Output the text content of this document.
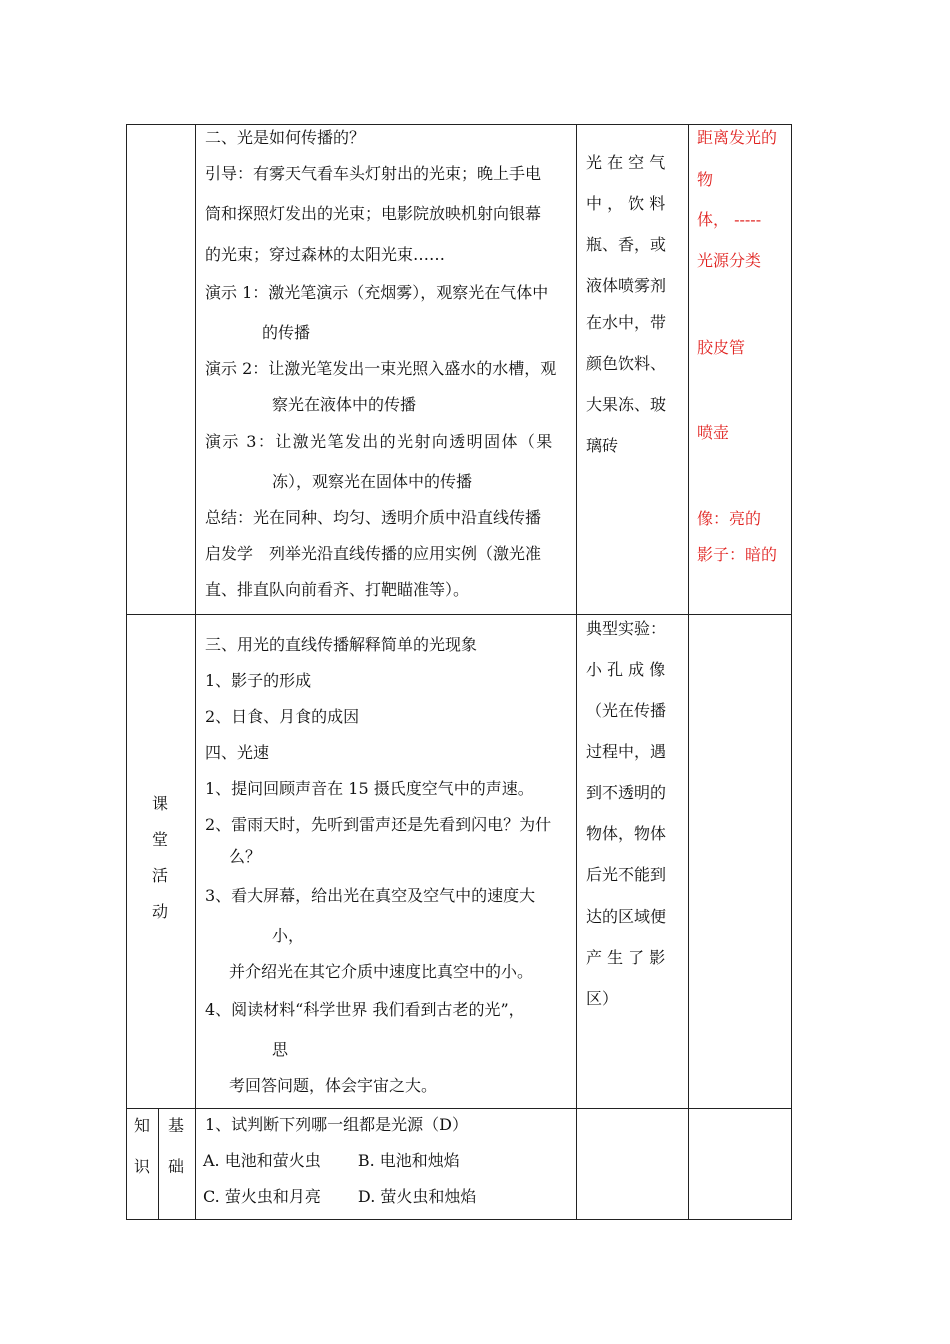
二、光是如何传播的？
引导：有雾天气看车头灯射出的光束；晚上手电
筒和探照灯发出的光束；电影院放映机射向银幕
的光束；穿过森林的太阳光束……
演示 1：激光笔演示（充烟雾），观察光在气体中
的传播
演示 2：让激光笔发出一束光照入盛水的水槽，观
察光在液体中的传播
演示 3：让激光笔发出的光射向透明固体（果
冻），观察光在固体中的传播
总结：光在同种、均匀、透明介质中沿直线传播
启发学　列举光沿直线传播的应用实例（激光准
直、排直队向前看齐、打靶瞄准等）。
光 在 空 气
中 ， 饮 料
瓶、香，或
液体喷雾剂
在水中，带
颜色饮料、
大果冻、玻
璃砖
距离发光的
物
体， -----
光源分类
胶皮管
喷壶
像：亮的
影子：暗的
课
堂
活
动
三、用光的直线传播解释简单的光现象
1、影子的形成
2、日食、月食的成因
四、光速
1、提问回顾声音在 15 摄氏度空气中的声速。
2、雷雨天时，先听到雷声还是先看到闪电？为什
么？
3、看大屏幕，给出光在真空及空气中的速度大
小，
并介绍光在其它介质中速度比真空中的小。
4、阅读材料“科学世界 我们看到古老的光”，
思
考回答问题，体会宇宙之大。
典型实验：
小 孔 成 像
（光在传播
过程中，遇
到不透明的
物体，物体
后光不能到
达的区域便
产 生 了 影
区）
知
识
基
础
1、试判断下列哪一组都是光源（D）
A. 电池和萤火虫　　 B. 电池和烛焰
C. 萤火虫和月亮　　 D. 萤火虫和烛焰
